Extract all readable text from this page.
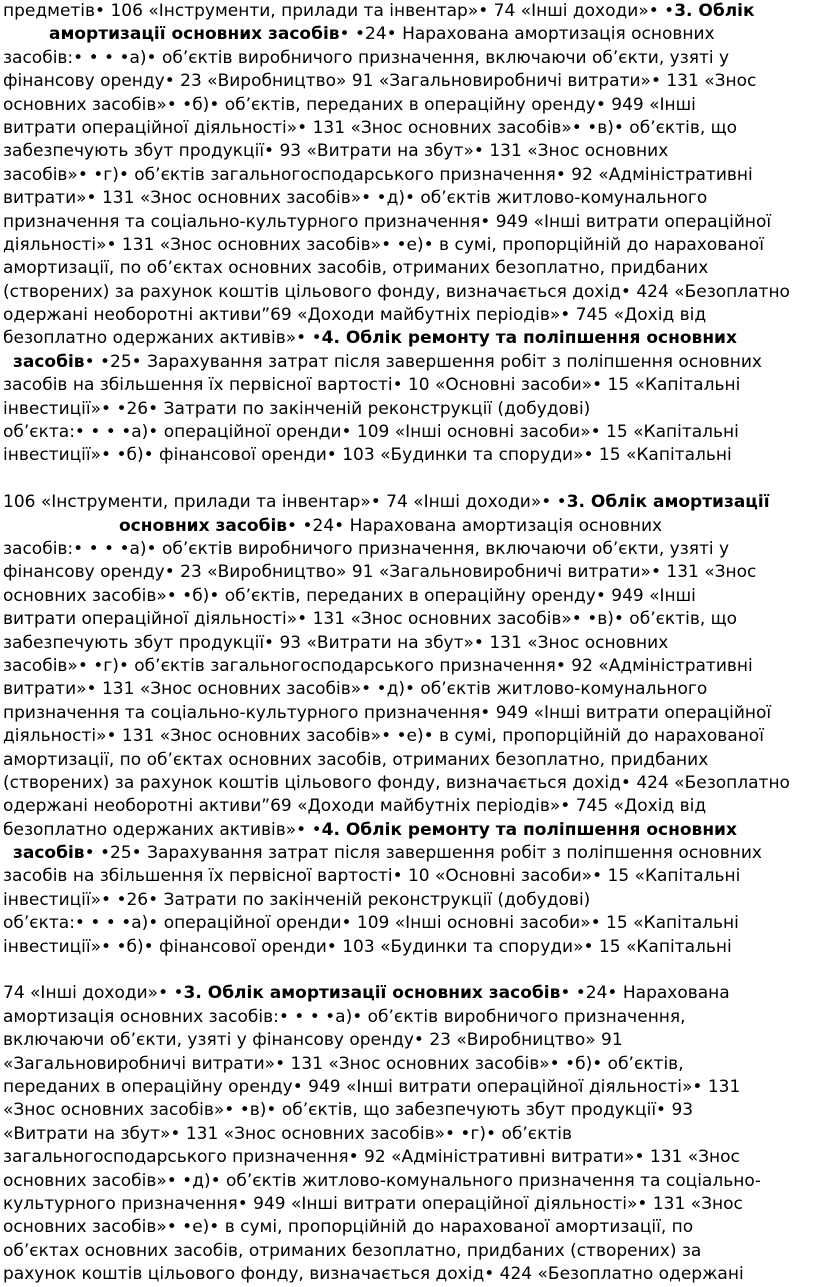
предметів• 106 «Інструменти, прилади та інвентар»• 74 «Інші доходи»• •3. Облік
амортизації основних засобів• •24• Нарахована амортизація основних
засобів:• • • •а)• об’єктів виробничого призначення, включаючи об’єкти, узяті у
фінансову оренду• 23 «Виробництво» 91 «Загальновиробничі витрати»• 131 «Знос
основних засобів»• •б)• об’єктів, переданих в операційну оренду• 949 «Інші
витрати операційної діяльності»• 131 «Знос основних засобів»• •в)• об’єктів, що
забезпечують збут продукції• 93 «Витрати на збут»• 131 «Знос основних
засобів»• •г)• об’єктів загальногосподарського призначення• 92 «Адміністративні
витрати»• 131 «Знос основних засобів»• •д)• об’єктів житлово-комунального
призначення та соціально-культурного призначення• 949 «Інші витрати операційної
діяльності»• 131 «Знос основних засобів»• •е)• в сумі, пропорційній до нарахованої
амортизації, по об’єктах основних засобів, отриманих безоплатно, придбаних
(створених) за рахунок коштів цільового фонду, визначається дохід• 424 «Безоплатно
одержані необоротні активи”69 «Доходи майбутніх періодів»• 745 «Дохід від
безоплатно одержаних активів»• •4. Облік ремонту та поліпшення основних
засобів• •25• Зарахування затрат після завершення робіт з поліпшення основних
засобів на збільшення їх первісної вартості• 10 «Основні засоби»• 15 «Капітальні
інвестиції»• •26• Затрати по закінченій реконструкції (добудові)
об’єкта:• • • •а)• операційної оренди• 109 «Інші основні засоби»• 15 «Капітальні
інвестиції»• •б)• фінансової оренди• 103 «Будинки та споруди»• 15 «Капітальні
106 «Інструменти, прилади та інвентар»• 74 «Інші доходи»• •3. Облік амортизації
основних засобів• •24• Нарахована амортизація основних
засобів:• • • •а)• об’єктів виробничого призначення, включаючи об’єкти, узяті у
фінансову оренду• 23 «Виробництво» 91 «Загальновиробничі витрати»• 131 «Знос
основних засобів»• •б)• об’єктів, переданих в операційну оренду• 949 «Інші
витрати операційної діяльності»• 131 «Знос основних засобів»• •в)• об’єктів, що
забезпечують збут продукції• 93 «Витрати на збут»• 131 «Знос основних
засобів»• •г)• об’єктів загальногосподарського призначення• 92 «Адміністративні
витрати»• 131 «Знос основних засобів»• •д)• об’єктів житлово-комунального
призначення та соціально-культурного призначення• 949 «Інші витрати операційної
діяльності»• 131 «Знос основних засобів»• •е)• в сумі, пропорційній до нарахованої
амортизації, по об’єктах основних засобів, отриманих безоплатно, придбаних
(створених) за рахунок коштів цільового фонду, визначається дохід• 424 «Безоплатно
одержані необоротні активи”69 «Доходи майбутніх періодів»• 745 «Дохід від
безоплатно одержаних активів»• •4. Облік ремонту та поліпшення основних
засобів• •25• Зарахування затрат після завершення робіт з поліпшення основних
засобів на збільшення їх первісної вартості• 10 «Основні засоби»• 15 «Капітальні
інвестиції»• •26• Затрати по закінченій реконструкції (добудові)
об’єкта:• • • •а)• операційної оренди• 109 «Інші основні засоби»• 15 «Капітальні
інвестиції»• •б)• фінансової оренди• 103 «Будинки та споруди»• 15 «Капітальні
74 «Інші доходи»• •3. Облік амортизації основних засобів• •24• Нарахована
амортизація основних засобів:• • • •а)• об’єктів виробничого призначення,
включаючи об’єкти, узяті у фінансову оренду• 23 «Виробництво» 91
«Загальновиробничі витрати»• 131 «Знос основних засобів»• •б)• об’єктів,
переданих в операційну оренду• 949 «Інші витрати операційної діяльності»• 131
«Знос основних засобів»• •в)• об’єктів, що забезпечують збут продукції• 93
«Витрати на збут»• 131 «Знос основних засобів»• •г)• об’єктів
загальногосподарського призначення• 92 «Адміністративні витрати»• 131 «Знос
основних засобів»• •д)• об’єктів житлово-комунального призначення та соціально-
культурного призначення• 949 «Інші витрати операційної діяльності»• 131 «Знос
основних засобів»• •е)• в сумі, пропорційній до нарахованої амортизації, по
об’єктах основних засобів, отриманих безоплатно, придбаних (створених) за
рахунок коштів цільового фонду, визначається дохід• 424 «Безоплатно одержані
